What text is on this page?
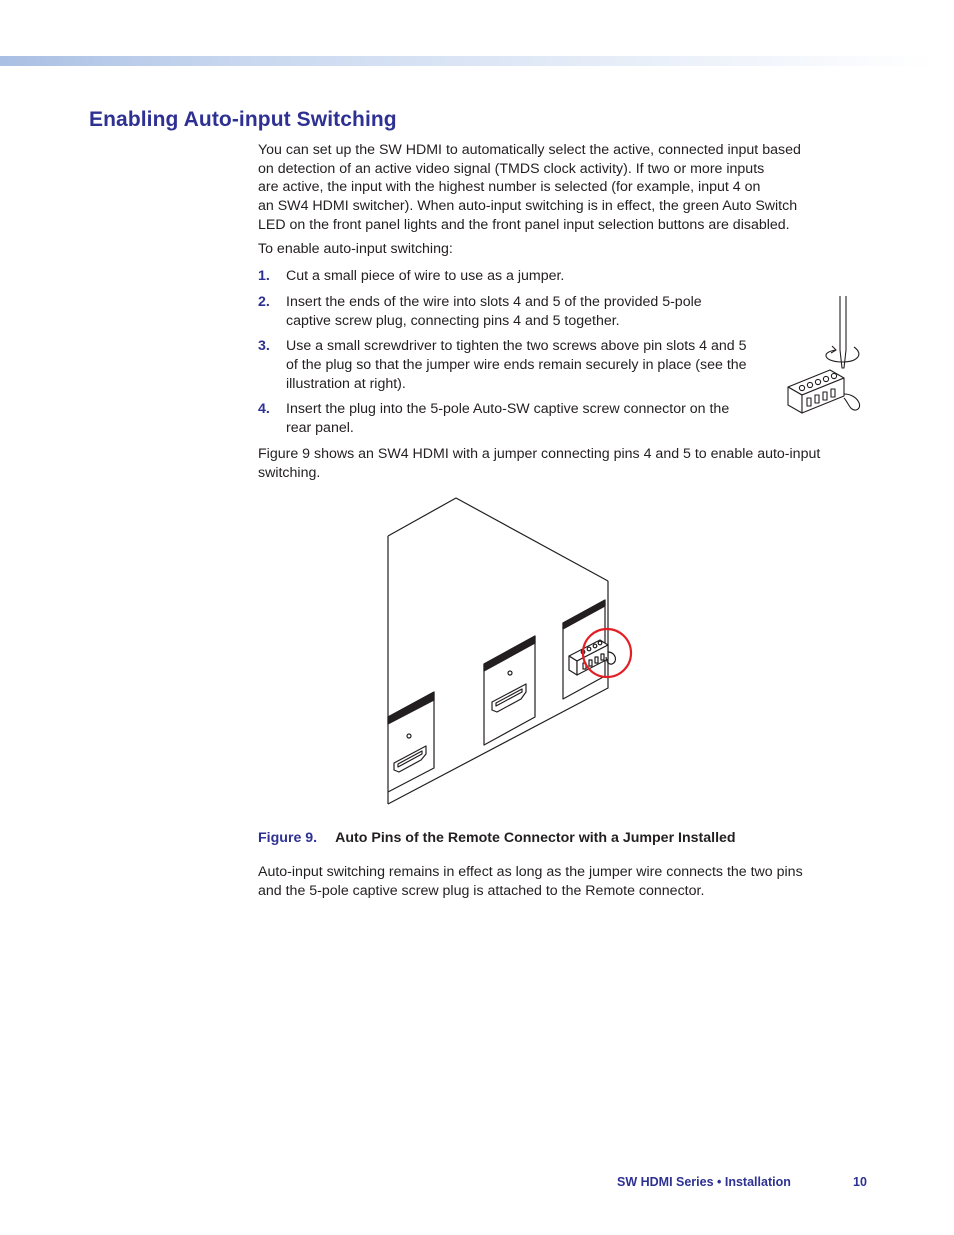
Enabling Auto-input Switching
You can set up the SW HDMI to automatically select the active, connected input based
on detection of an active video signal (TMDS clock activity). If two or more inputs
are active, the input with the highest number is selected (for example, input 4 on
an SW4 HDMI switcher). When auto-input switching is in effect, the green Auto Switch
LED on the front panel lights and the front panel input selection buttons are disabled.
To enable auto-input switching:
1. Cut a small piece of wire to use as a jumper.
2. Insert the ends of the wire into slots 4 and 5 of the provided 5-pole
captive screw plug, connecting pins 4 and 5 together.
3. Use a small screwdriver to tighten the two screws above pin slots 4 and 5
of the plug so that the jumper wire ends remain securely in place (see the
illustration at right).
4. Insert the plug into the 5-pole Auto-SW captive screw connector on the
rear panel.
Figure 9 shows an SW4 HDMI with a jumper connecting pins 4 and 5 to enable auto-input
switching.
Figure 9. Auto Pins of the Remote Connector with a Jumper Installed
Auto-input switching remains in effect as long as the jumper wire connects the two pins
and the 5-pole captive screw plug is attached to the Remote connector.
SW HDMI Series • Installation	10
